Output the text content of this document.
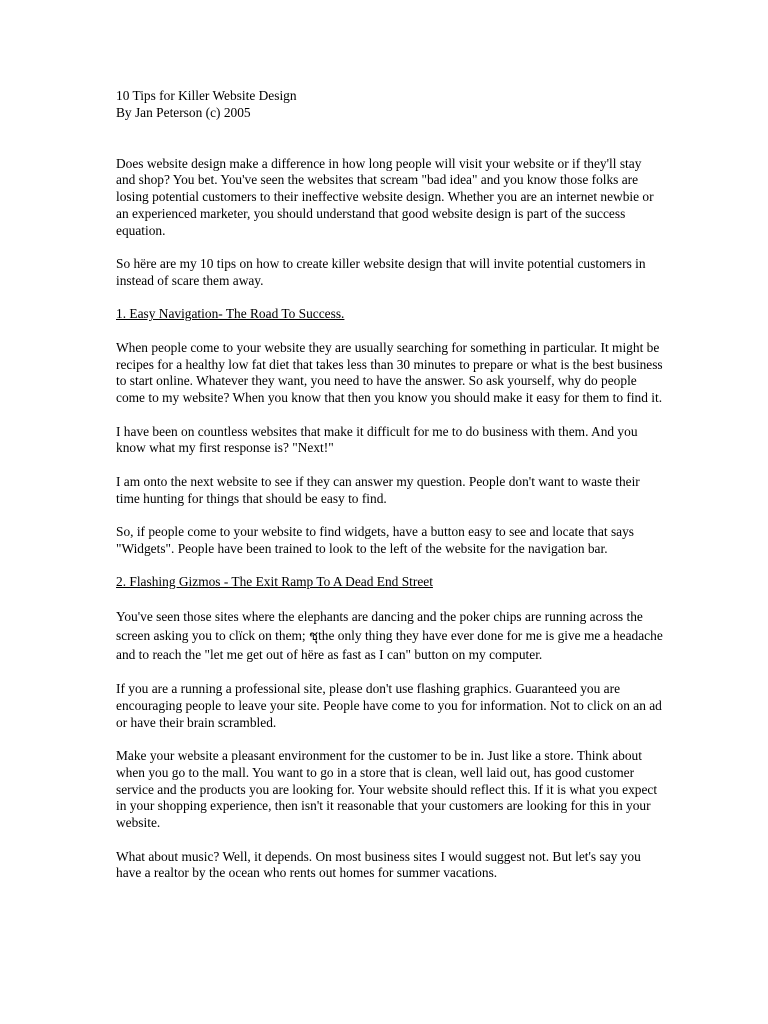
10 Tips for Killer Website Design

By Jan Peterson (c) 2005

Does website design make a difference in how long people will visit your website or if they'll stay and shop? You bet. You've seen the websites that scream "bad idea" and you know those folks are losing potential customers to their ineffective website design. Whether you are an internet newbie or an experienced marketer, you should understand that good website design is part of the success equation.

So hëre are my 10 tips on how to create killer website design that will invite potential customers in instead of scare them away.

1. Easy Navigation- The Road To Success.

When people come to your website they are usually searching for something in particular. It might be recipes for a healthy low fat diet that takes less than 30 minutes to prepare or what is the best business to start online. Whatever they want, you need to have the answer. So ask yourself, why do people come to my website? When you know that then you know you should make it easy for them to find it.

I have been on countless websites that make it difficult for me to do business with them. And you know what my first response is? "Next!"

I am onto the next website to see if they can answer my question. People don't want to waste their time hunting for things that should be easy to find.

So, if people come to your website to find widgets, have a button easy to see and locate that says "Widgets". People have been trained to look to the left of the website for the navigation bar.

2. Flashing Gizmos - The Exit Ramp To A Dead End Street

You've seen those sites where the elephants are dancing and the poker chips are running across the screen asking you to clïck on them; ชุthe only thing they have ever done for me is give me a headache and to reach the "let me get out of hëre as fast as I can" button on my computer.

If you are a running a professional site, please don't use flashing graphics. Guaranteed you are encouraging people to leave your site. People have come to you for information. Not to click on an ad or have their brain scrambled.

Make your website a pleasant environment for the customer to be in. Just like a store. Think about when you go to the mall. You want to go in a store that is clean, well laid out, has good customer service and the products you are looking for. Your website should reflect this. If it is what you expect in your shopping experience, then isn't it reasonable that your customers are looking for this in your website.

What about music? Well, it depends. On most business sites I would suggest not. But let's say you have a realtor by the ocean who rents out homes for summer vacations.
